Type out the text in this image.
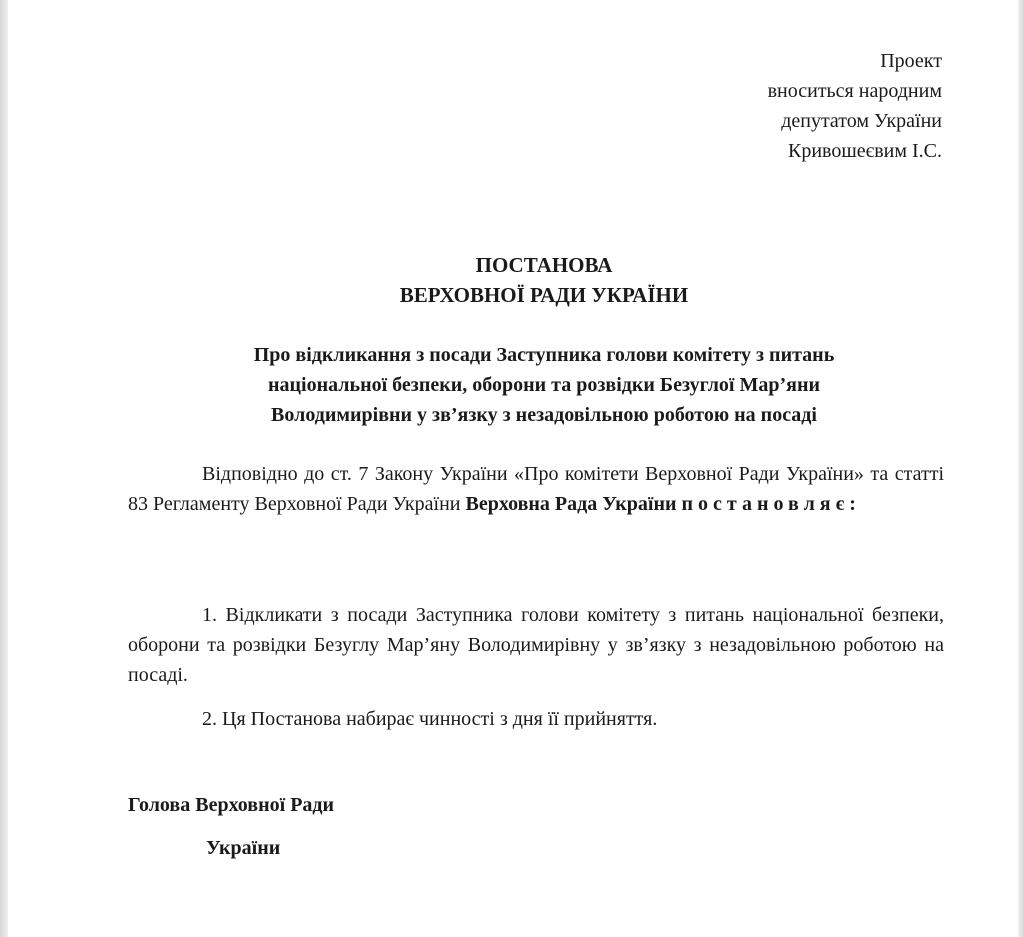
Проект
вноситься народним
депутатом України
Кривошеєвим І.С.
ПОСТАНОВА
ВЕРХОВНОЇ РАДИ УКРАЇНИ
Про відкликання з посади Заступника голови комітету з питань
національної безпеки, оборони та розвідки Безуглої Мар’яни
Володимирівни у зв’язку з незадовільною роботою на посаді
Відповідно до ст. 7 Закону України «Про комітети Верховної Ради України» та статті 83 Регламенту Верховної Ради України Верховна Рада України постановляє:
1. Відкликати з посади Заступника голови комітету з питань національної безпеки, оборони та розвідки Безуглу Мар’яну Володимирівну у зв’язку з незадовільною роботою на посаді.
2. Ця Постанова набирає чинності з дня її прийняття.
Голова Верховної Ради
України
